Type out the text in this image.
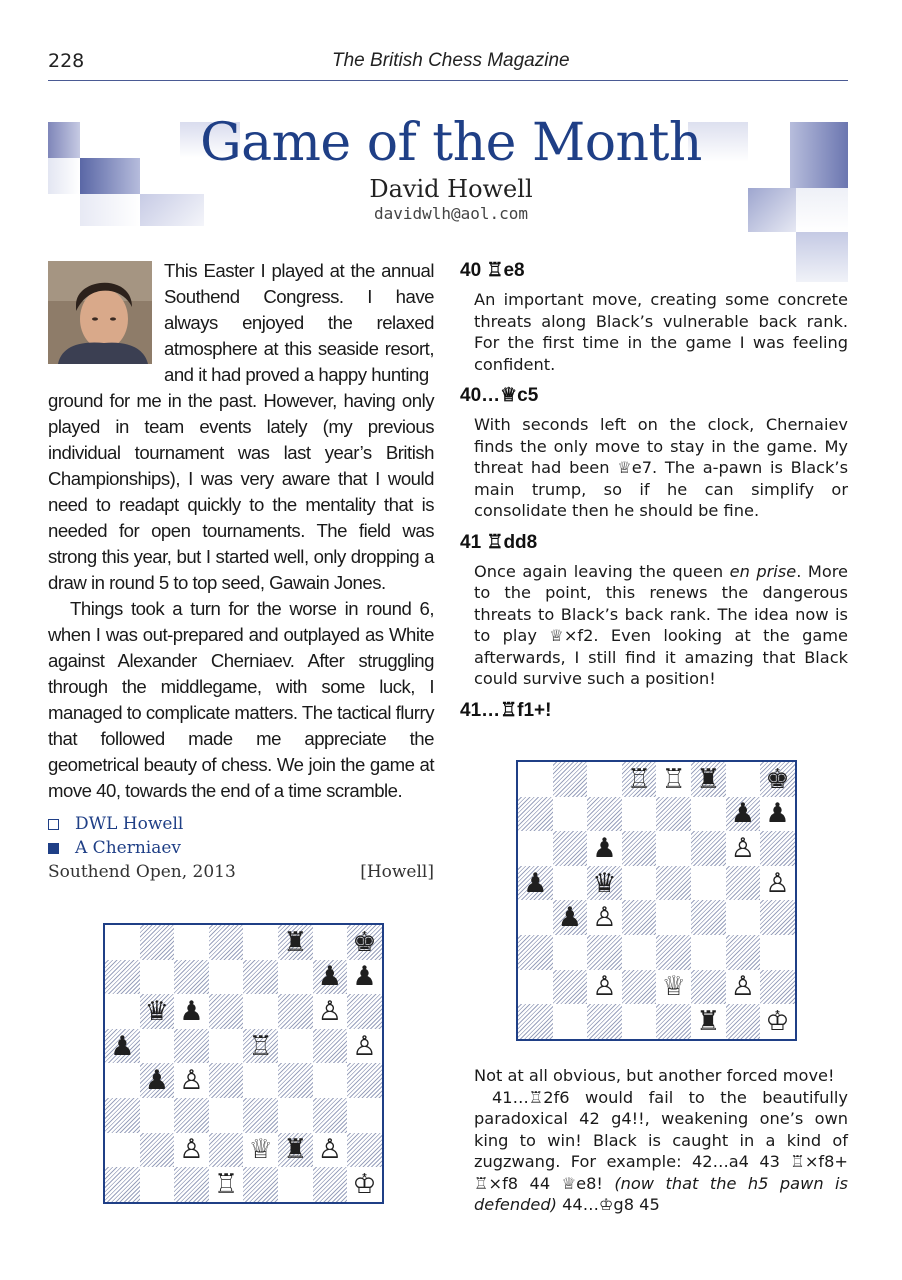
228	The British Chess Magazine
Game of the Month
David Howell
davidwlh@aol.com
This Easter I played at the annual Southend Congress. I have always enjoyed the relaxed atmosphere at this seaside resort, and it had proved a happy hunting
ground for me in the past. However, having only played in team events lately (my previous individual tournament was last year’s British Championships), I was very aware that I would need to readapt quickly to the mentality that is needed for open tournaments. The field was strong this year, but I started well, only dropping a draw in round 5 to top seed, Gawain Jones.
Things took a turn for the worse in round 6, when I was out-prepared and outplayed as White against Alexander Cherniaev. After struggling through the middlegame, with some luck, I managed to complicate matters. The tactical flurry that followed made me appreciate the geometrical beauty of chess. We join the game at move 40, towards the end of a time scramble.
DWL Howell
A Cherniaev
Southend Open, 2013	[Howell]
♜ ♚
♟ ♟
♛ ♟	♙
♟	♖	♙
♟ ♙
♙ ♕ ♜ ♙
♖	♔
40 ♖e8
An important move, creating some concrete threats along Black’s vulnerable back rank. For the first time in the game I was feeling confident.
40…♕c5
With seconds left on the clock, Chernaiev finds the only move to stay in the game. My threat had been ♕e7. The a-pawn is Black’s main trump, so if he can simplify or consolidate then he should be fine.
41 ♖dd8
Once again leaving the queen en prise. More to the point, this renews the dangerous threats to Black’s back rank. The idea now is to play ♕×f2. Even looking at the game afterwards, I still find it amazing that Black could survive such a position!
41…♖f1+!
♖ ♖ ♜ ♚
♟ ♟
♟	♙
♟ ♛	♙
♟ ♙
♙ ♕ ♙
♜ ♔
Not at all obvious, but another forced move!
41…♖2f6 would fail to the beautifully paradoxical 42 g4!!, weakening one’s own king to win! Black is caught in a kind of zugzwang. For example: 42…a4 43 ♖×f8+ ♖×f8 44 ♕e8! (now that the h5 pawn is defended) 44…♔g8 45
